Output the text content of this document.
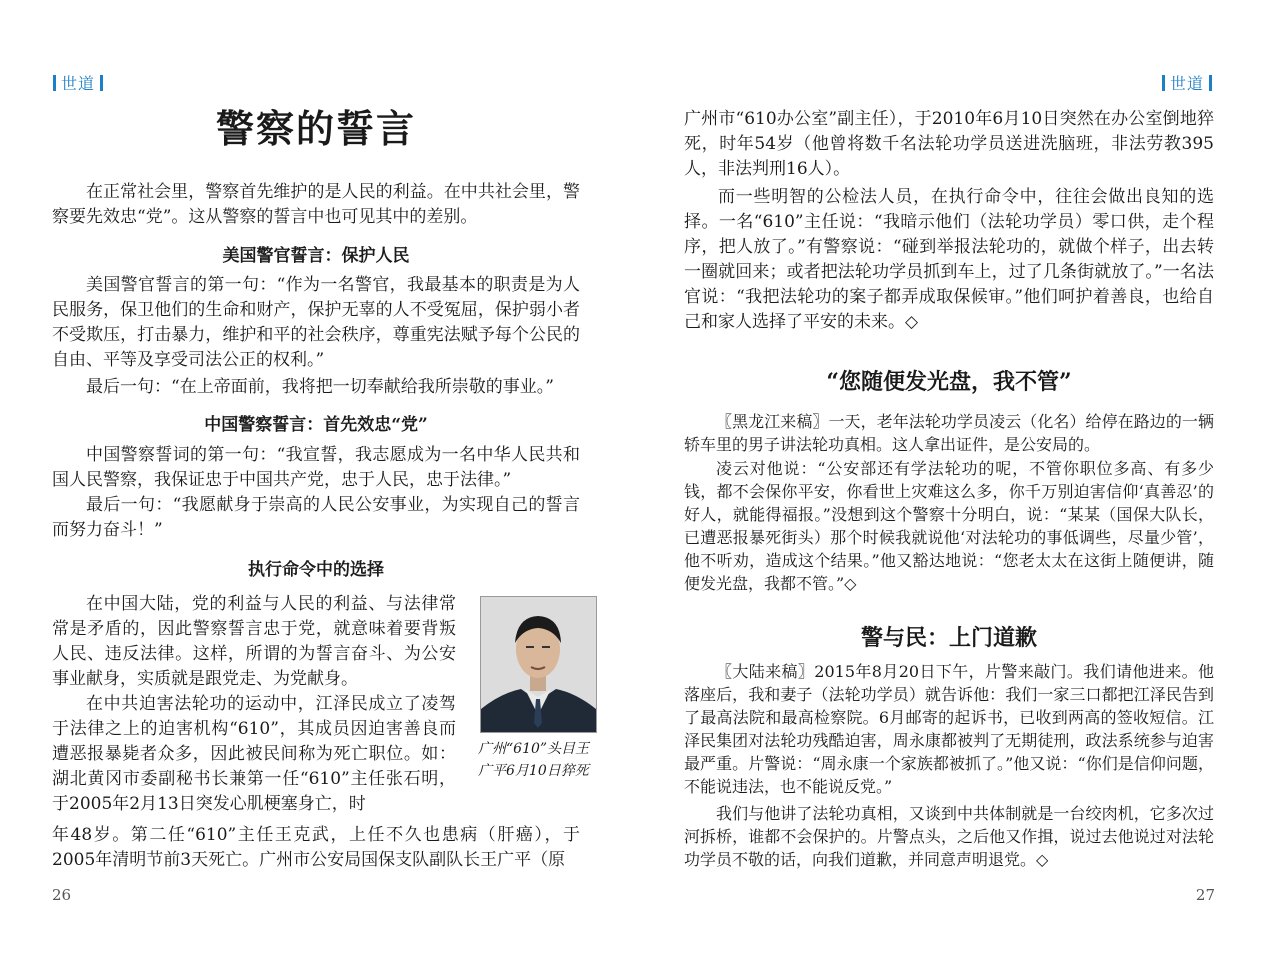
世道
警察的誓言

在正常社会里，警察首先维护的是人民的利益。在中共社会里，警察要先效忠“党”。这从警察的誓言中也可见其中的差别。

美国警官誓言：保护人民

美国警官誓言的第一句：“作为一名警官，我最基本的职责是为人民服务，保卫他们的生命和财产，保护无辜的人不受冤屈，保护弱小者不受欺压，打击暴力，维护和平的社会秩序，尊重宪法赋予每个公民的自由、平等及享受司法公正的权利。”

最后一句：“在上帝面前，我将把一切奉献给我所崇敬的事业。”

中国警察誓言：首先效忠“党”

中国警察誓词的第一句：“我宣誓，我志愿成为一名中华人民共和国人民警察，我保证忠于中国共产党，忠于人民，忠于法律。”

最后一句：“我愿献身于崇高的人民公安事业，为实现自己的誓言而努力奋斗！”

执行命令中的选择

在中国大陆，党的利益与人民的利益、与法律常常是矛盾的，因此警察誓言忠于党，就意味着要背叛人民、违反法律。这样，所谓的为誓言奋斗、为公安事业献身，实质就是跟党走、为党献身。

在中共迫害法轮功的运动中，江泽民成立了凌驾于法律之上的迫害机构“610”，其成员因迫害善良而遭恶报暴毙者众多，因此被民间称为死亡职位。如：湖北黄冈市委副秘书长兼第一任“610”主任张石明，于2005年2月13日突发心肌梗塞身亡，时

年48岁。第二任“610”主任王克武，上任不久也患病（肝癌），于2005年清明节前3天死亡。广州市公安局国保支队副队长王广平（原

广州“610”头目王广平6月10日猝死

26
世道

广州市“610办公室”副主任），于2010年6月10日突然在办公室倒地猝死，时年54岁（他曾将数千名法轮功学员送进洗脑班，非法劳教395人，非法判刑16人）。

而一些明智的公检法人员，在执行命令中，往往会做出良知的选择。一名“610”主任说：“我暗示他们（法轮功学员）零口供，走个程序，把人放了。”有警察说：“碰到举报法轮功的，就做个样子，出去转一圈就回来；或者把法轮功学员抓到车上，过了几条街就放了。”一名法官说：“我把法轮功的案子都弄成取保候审。”他们呵护着善良，也给自己和家人选择了平安的未来。◇

“您随便发光盘，我不管”

〖黑龙江来稿〗一天，老年法轮功学员凌云（化名）给停在路边的一辆轿车里的男子讲法轮功真相。这人拿出证件，是公安局的。

凌云对他说：“公安部还有学法轮功的呢，不管你职位多高、有多少钱，都不会保你平安，你看世上灾难这么多，你千万别迫害信仰‘真善忍’的好人，就能得福报。”没想到这个警察十分明白，说：“某某（国保大队长，已遭恶报暴死街头）那个时候我就说他‘对法轮功的事低调些，尽量少管’，他不听劝，造成这个结果。”他又豁达地说：“您老太太在这街上随便讲，随便发光盘，我都不管。”◇

警与民：上门道歉

〖大陆来稿〗2015年8月20日下午，片警来敲门。我们请他进来。他落座后，我和妻子（法轮功学员）就告诉他：我们一家三口都把江泽民告到了最高法院和最高检察院。6月邮寄的起诉书，已收到两高的签收短信。江泽民集团对法轮功残酷迫害，周永康都被判了无期徒刑，政法系统参与迫害最严重。片警说：“周永康一个家族都被抓了。”他又说：“你们是信仰问题，不能说违法，也不能说反党。”

我们与他讲了法轮功真相，又谈到中共体制就是一台绞肉机，它多次过河拆桥，谁都不会保护的。片警点头，之后他又作揖，说过去他说过对法轮功学员不敬的话，向我们道歉，并同意声明退党。◇

27
